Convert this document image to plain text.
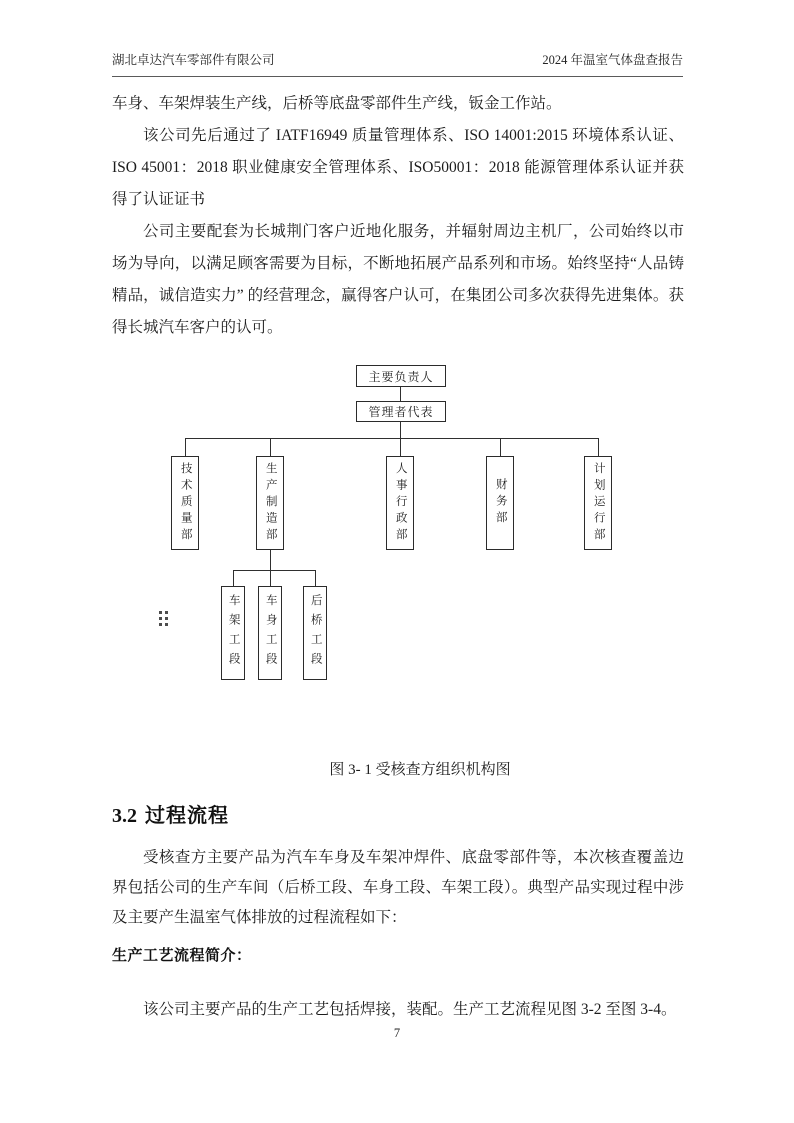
湖北卓达汽车零部件有限公司	2024 年温室气体盘查报告

车身、车架焊装生产线，后桥等底盘零部件生产线，钣金工作站。

该公司先后通过了 IATF16949 质量管理体系、ISO 14001:2015 环境体系认证、ISO 45001：2018 职业健康安全管理体系、ISO50001：2018 能源管理体系认证并获得了认证证书

公司主要配套为长城荆门客户近地化服务，并辐射周边主机厂，公司始终以市场为导向，以满足顾客需要为目标，不断地拓展产品系列和市场。始终坚持“人品铸精品，诚信造实力” 的经营理念，赢得客户认可，在集团公司多次获得先进集体。获得长城汽车客户的认可。

主要负责人
管理者代表
技术质量部	生产制造部	人事行政部	财务部	计划运行部
车架工段 车身工段	后桥工段
图 3- 1 受核查方组织机构图
3.2 过程流程

受核查方主要产品为汽车车身及车架冲焊件、底盘零部件等，本次核查覆盖边界包括公司的生产车间（后桥工段、车身工段、车架工段）。典型产品实现过程中涉及主要产生温室气体排放的过程流程如下：

生产工艺流程简介：

该公司主要产品的生产工艺包括焊接，装配。生产工艺流程见图 3-2 至图 3-4。

7
